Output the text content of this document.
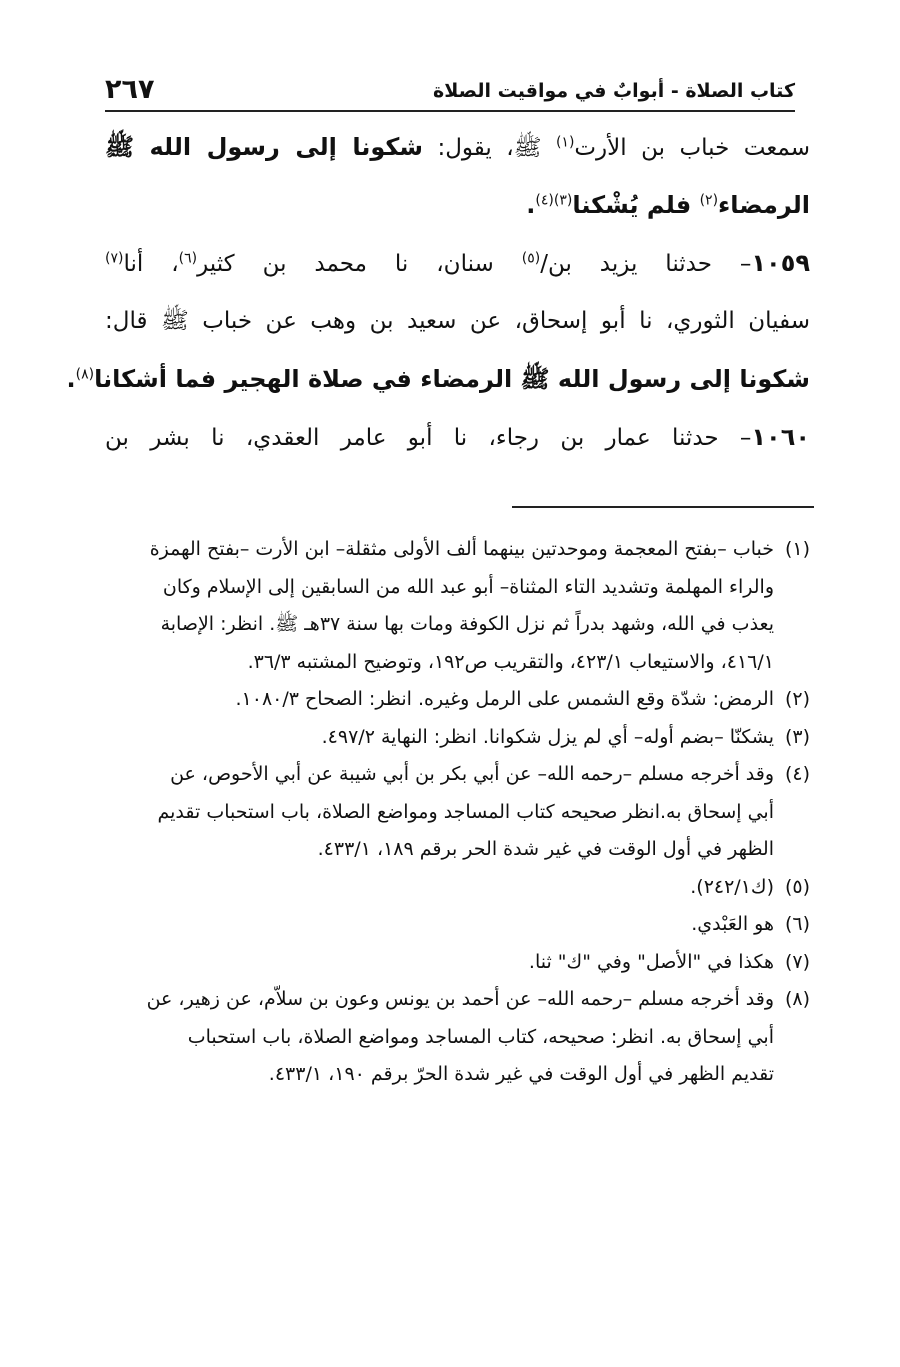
كتاب الصلاة - أبوابٌ في مواقيت الصلاة
٢٦٧
سمعت خباب بن الأرت$^{(١)}$ ﷺ، يقول: شكونا إلى رسول الله ﷺ
الرمضاء$^{(٢)}$ فلم يُشْكنا$^{(٣)(٤)}$.
١٠٥٩– حدثنا يزيد بن/$^{(٥)}$ سنان، نا محمد بن كثير$^{(٦)}$، أنا$^{(٧)}$
سفيان الثوري، نا أبو إسحاق، عن سعيد بن وهب عن خباب ﷺ قال:
شكونا إلى رسول الله ﷺ الرمضاء في صلاة الهجير فما أشكانا$^{(٨)}$.
١٠٦٠– حدثنا عمار بن رجاء، نا أبو عامر العقدي، نا بشر بن
(١)خباب –بفتح المعجمة وموحدتين بينهما ألف الأولى مثقلة– ابن الأرت –بفتح الهمزة
والراء المهلمة وتشديد التاء المثناة– أبو عبد الله من السابقين إلى الإسلام وكان
يعذب في الله، وشهد بدراً ثم نزل الكوفة ومات بها سنة ٣٧هـ ﷺ. انظر: الإصابة
٤١٦/١، والاستيعاب ٤٢٣/١، والتقريب ص١٩٢، وتوضيح المشتبه ٣٦/٣.
(٢)الرمض: شدّة وقع الشمس على الرمل وغيره. انظر: الصحاح ١٠٨٠/٣.
(٣)يشكنّا –بضم أوله– أي لم يزل شكوانا. انظر: النهاية ٤٩٧/٢.
(٤)وقد أخرجه مسلم –رحمه الله– عن أبي بكر بن أبي شيبة عن أبي الأحوص، عن
أبي إسحاق به.انظر صحيحه كتاب المساجد ومواضع الصلاة، باب استحباب تقديم
الظهر في أول الوقت في غير شدة الحر برقم ١٨٩، ٤٣٣/١.
(٥)(ك٢٤٢/١).
(٦)هو العَبْدي.
(٧)هكذا في "الأصل" وفي "ك" ثنا.
(٨)وقد أخرجه مسلم –رحمه الله– عن أحمد بن يونس وعون بن سلاّم، عن زهير، عن
أبي إسحاق به. انظر: صحيحه، كتاب المساجد ومواضع الصلاة، باب استحباب
تقديم الظهر في أول الوقت في غير شدة الحرّ برقم ١٩٠، ٤٣٣/١.
